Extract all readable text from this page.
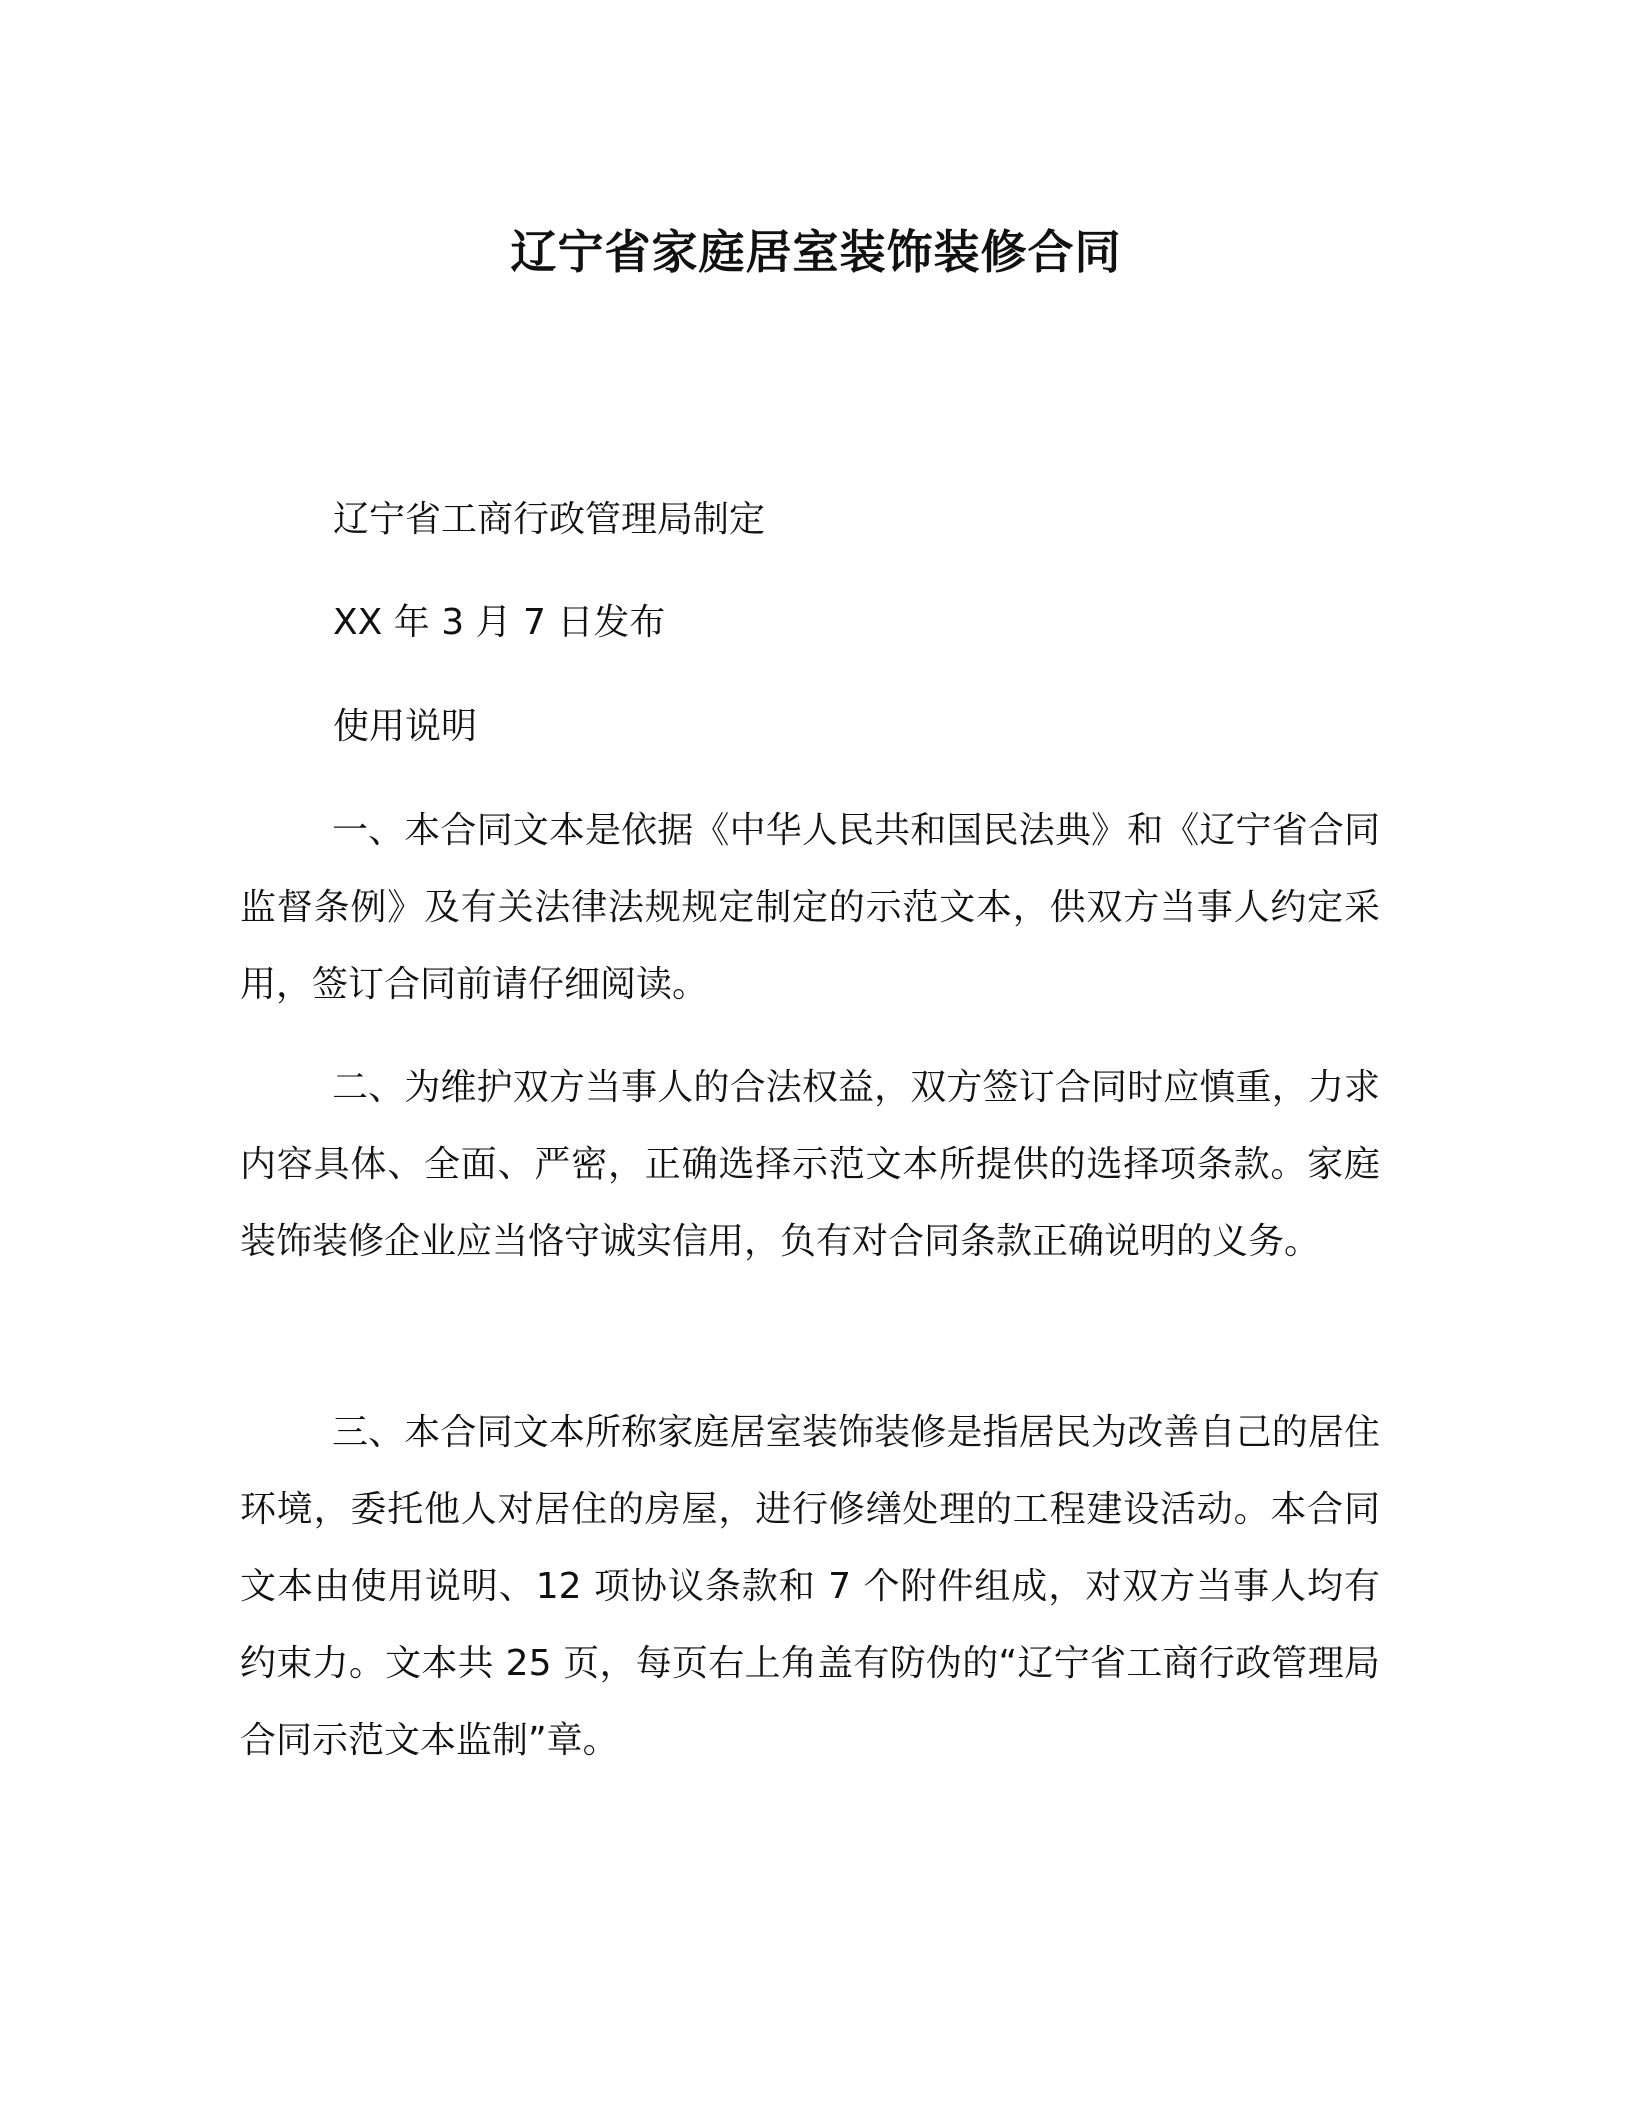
辽宁省家庭居室装饰装修合同
辽宁省工商行政管理局制定
XX 年 3 月 7 日发布
使用说明

一、本合同文本是依据《中华人民共和国民法典》和《辽宁省合同监督条例》及有关法律法规规定制定的示范文本，供双方当事人约定采用，签订合同前请仔细阅读。

二、为维护双方当事人的合法权益，双方签订合同时应慎重，力求内容具体、全面、严密，正确选择示范文本所提供的选择项条款。家庭装饰装修企业应当恪守诚实信用，负有对合同条款正确说明的义务。

三、本合同文本所称家庭居室装饰装修是指居民为改善自己的居住环境，委托他人对居住的房屋，进行修缮处理的工程建设活动。本合同文本由使用说明、12 项协议条款和 7 个附件组成，对双方当事人均有约束力。文本共 25 页，每页右上角盖有防伪的“辽宁省工商行政管理局合同示范文本监制”章。
